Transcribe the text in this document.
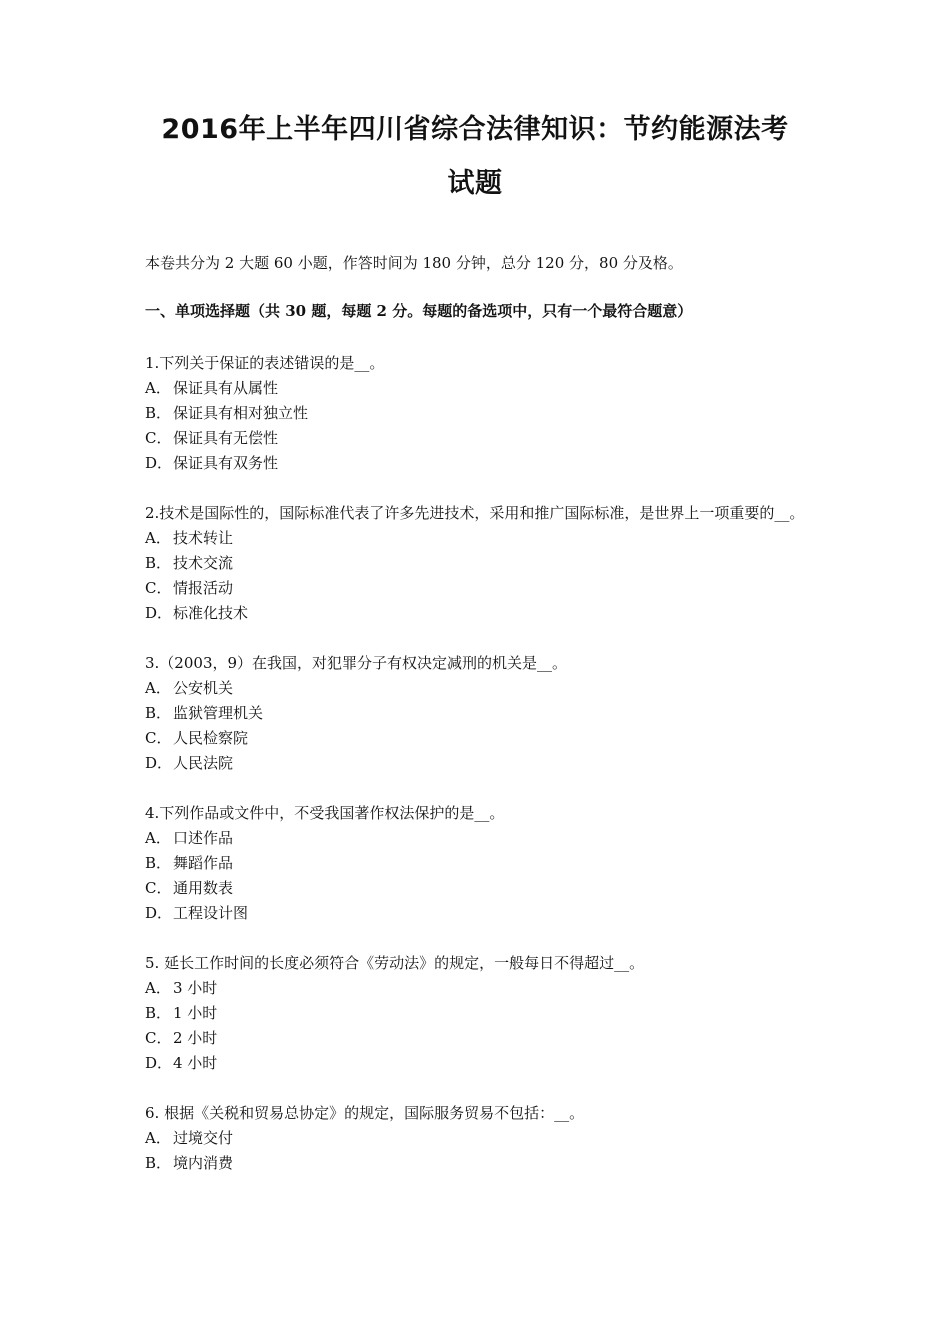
2016年上半年四川省综合法律知识：节约能源法考
试题
本卷共分为 2 大题 60 小题，作答时间为 180 分钟，总分 120 分，80 分及格。
一、单项选择题（共 30 题，每题 2 分。每题的备选项中，只有一个最符合题意）
1.下列关于保证的表述错误的是__。
A． 保证具有从属性
B． 保证具有相对独立性
C． 保证具有无偿性
D．保证具有双务性
2.技术是国际性的，国际标准代表了许多先进技术，采用和推广国际标准，是世界上一项重要的__。
A． 技术转让
B． 技术交流
C． 情报活动
D．标准化技术
3.（2003，9）在我国，对犯罪分子有权决定减刑的机关是__。
A． 公安机关
B． 监狱管理机关
C． 人民检察院
D．人民法院
4.下列作品或文件中，不受我国著作权法保护的是__。
A． 口述作品
B． 舞蹈作品
C． 通用数表
D．工程设计图
5. 延长工作时间的长度必须符合《劳动法》的规定，一般每日不得超过__。
A． 3 小时
B． 1 小时
C． 2 小时
D．4 小时
6. 根据《关税和贸易总协定》的规定，国际服务贸易不包括：__。
A． 过境交付
B． 境内消费
